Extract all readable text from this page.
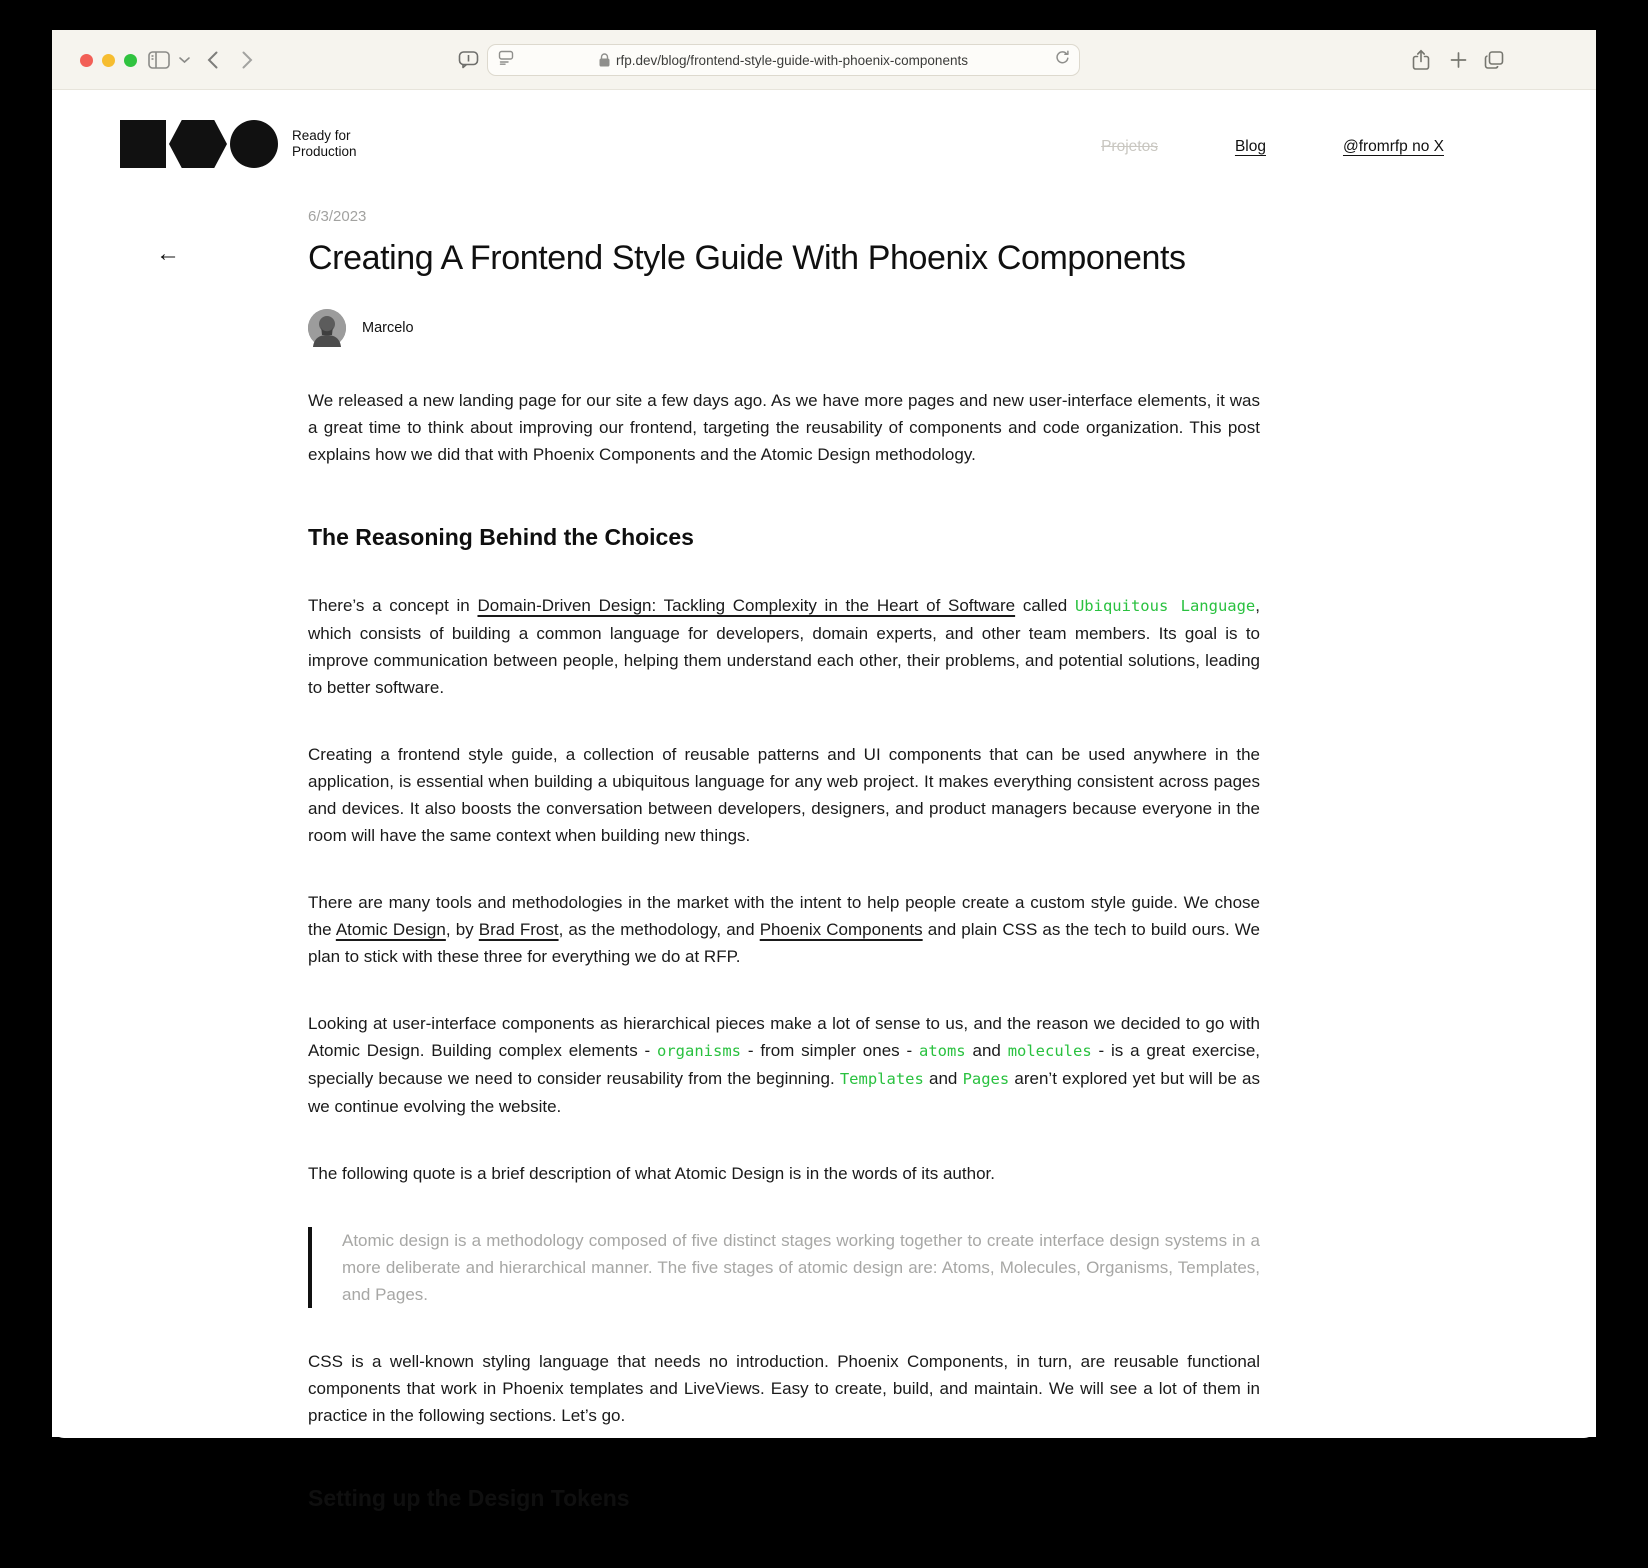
rfp.dev/blog/frontend-style-guide-with-phoenix-components
Ready for
Production	Projetos	Blog	@fromrfp no X
←
6/3/2023
Creating A Frontend Style Guide With Phoenix Components
Marcelo

We released a new landing page for our site a few days ago. As we have more pages and new user-interface elements, it was a great time to think about improving our frontend, targeting the reusability of components and code organization. This post explains how we did that with Phoenix Components and the Atomic Design methodology.

The Reasoning Behind the Choices

There’s a concept in Domain-Driven Design: Tackling Complexity in the Heart of Software called Ubiquitous Language, which consists of building a common language for developers, domain experts, and other team members. Its goal is to improve communication between people, helping them understand each other, their problems, and potential solutions, leading to better software.

Creating a frontend style guide, a collection of reusable patterns and UI components that can be used anywhere in the application, is essential when building a ubiquitous language for any web project. It makes everything consistent across pages and devices. It also boosts the conversation between developers, designers, and product managers because everyone in the room will have the same context when building new things.

There are many tools and methodologies in the market with the intent to help people create a custom style guide. We chose the Atomic Design, by Brad Frost, as the methodology, and Phoenix Components and plain CSS as the tech to build ours. We plan to stick with these three for everything we do at RFP.

Looking at user-interface components as hierarchical pieces make a lot of sense to us, and the reason we decided to go with Atomic Design. Building complex elements - organisms - from simpler ones - atoms and molecules - is a great exercise, specially because we need to consider reusability from the beginning. Templates and Pages aren’t explored yet but will be as we continue evolving the website.

The following quote is a brief description of what Atomic Design is in the words of its author.

Atomic design is a methodology composed of five distinct stages working together to create interface design systems in a more deliberate and hierarchical manner. The five stages of atomic design are: Atoms, Molecules, Organisms, Templates, and Pages.

CSS is a well-known styling language that needs no introduction. Phoenix Components, in turn, are reusable functional components that work in Phoenix templates and LiveViews. Easy to create, build, and maintain. We will see a lot of them in practice in the following sections. Let’s go.

Setting up the Design Tokens
